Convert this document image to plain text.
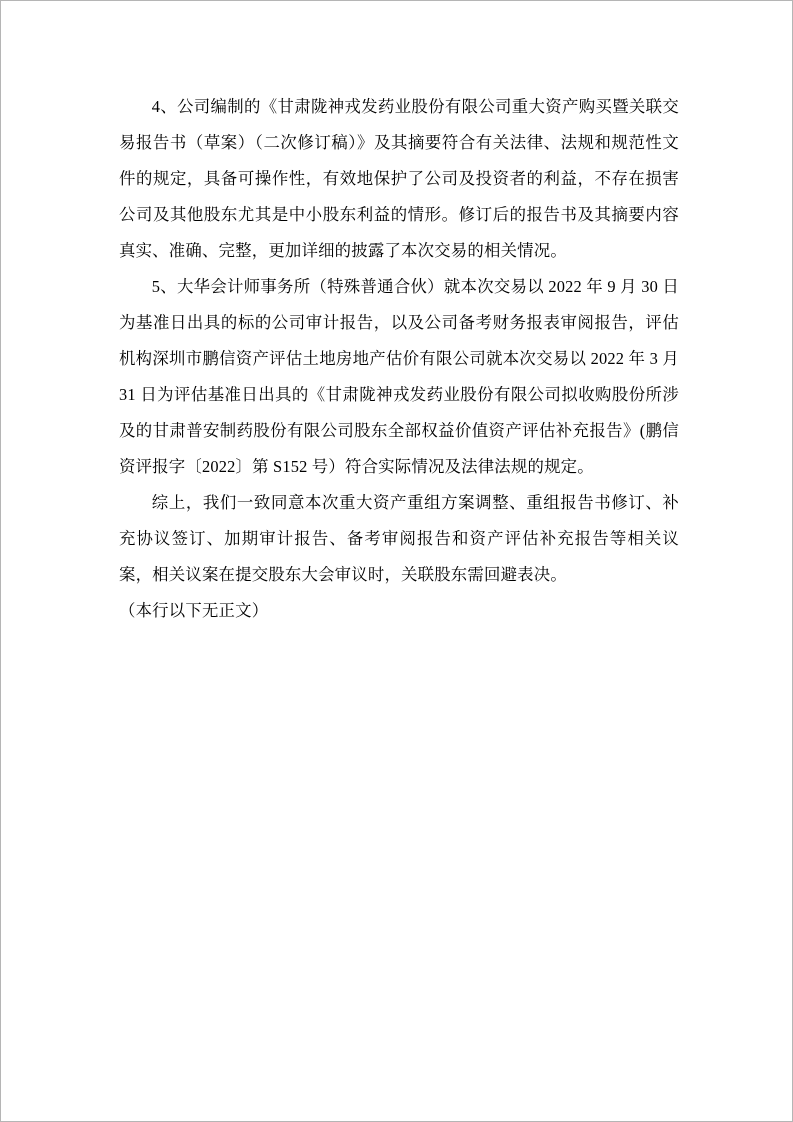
4、公司编制的《甘肃陇神戎发药业股份有限公司重大资产购买暨关联交易报告书（草案）（二次修订稿）》及其摘要符合有关法律、法规和规范性文件的规定，具备可操作性，有效地保护了公司及投资者的利益，不存在损害公司及其他股东尤其是中小股东利益的情形。修订后的报告书及其摘要内容真实、准确、完整，更加详细的披露了本次交易的相关情况。

5、大华会计师事务所（特殊普通合伙）就本次交易以 2022 年 9 月 30 日为基准日出具的标的公司审计报告，以及公司备考财务报表审阅报告，评估机构深圳市鹏信资产评估土地房地产估价有限公司就本次交易以 2022 年 3 月 31 日为评估基准日出具的《甘肃陇神戎发药业股份有限公司拟收购股份所涉及的甘肃普安制药股份有限公司股东全部权益价值资产评估补充报告》(鹏信资评报字〔2022〕第 S152 号）符合实际情况及法律法规的规定。

综上，我们一致同意本次重大资产重组方案调整、重组报告书修订、补充协议签订、加期审计报告、备考审阅报告和资产评估补充报告等相关议案，相关议案在提交股东大会审议时，关联股东需回避表决。

（本行以下无正文）
